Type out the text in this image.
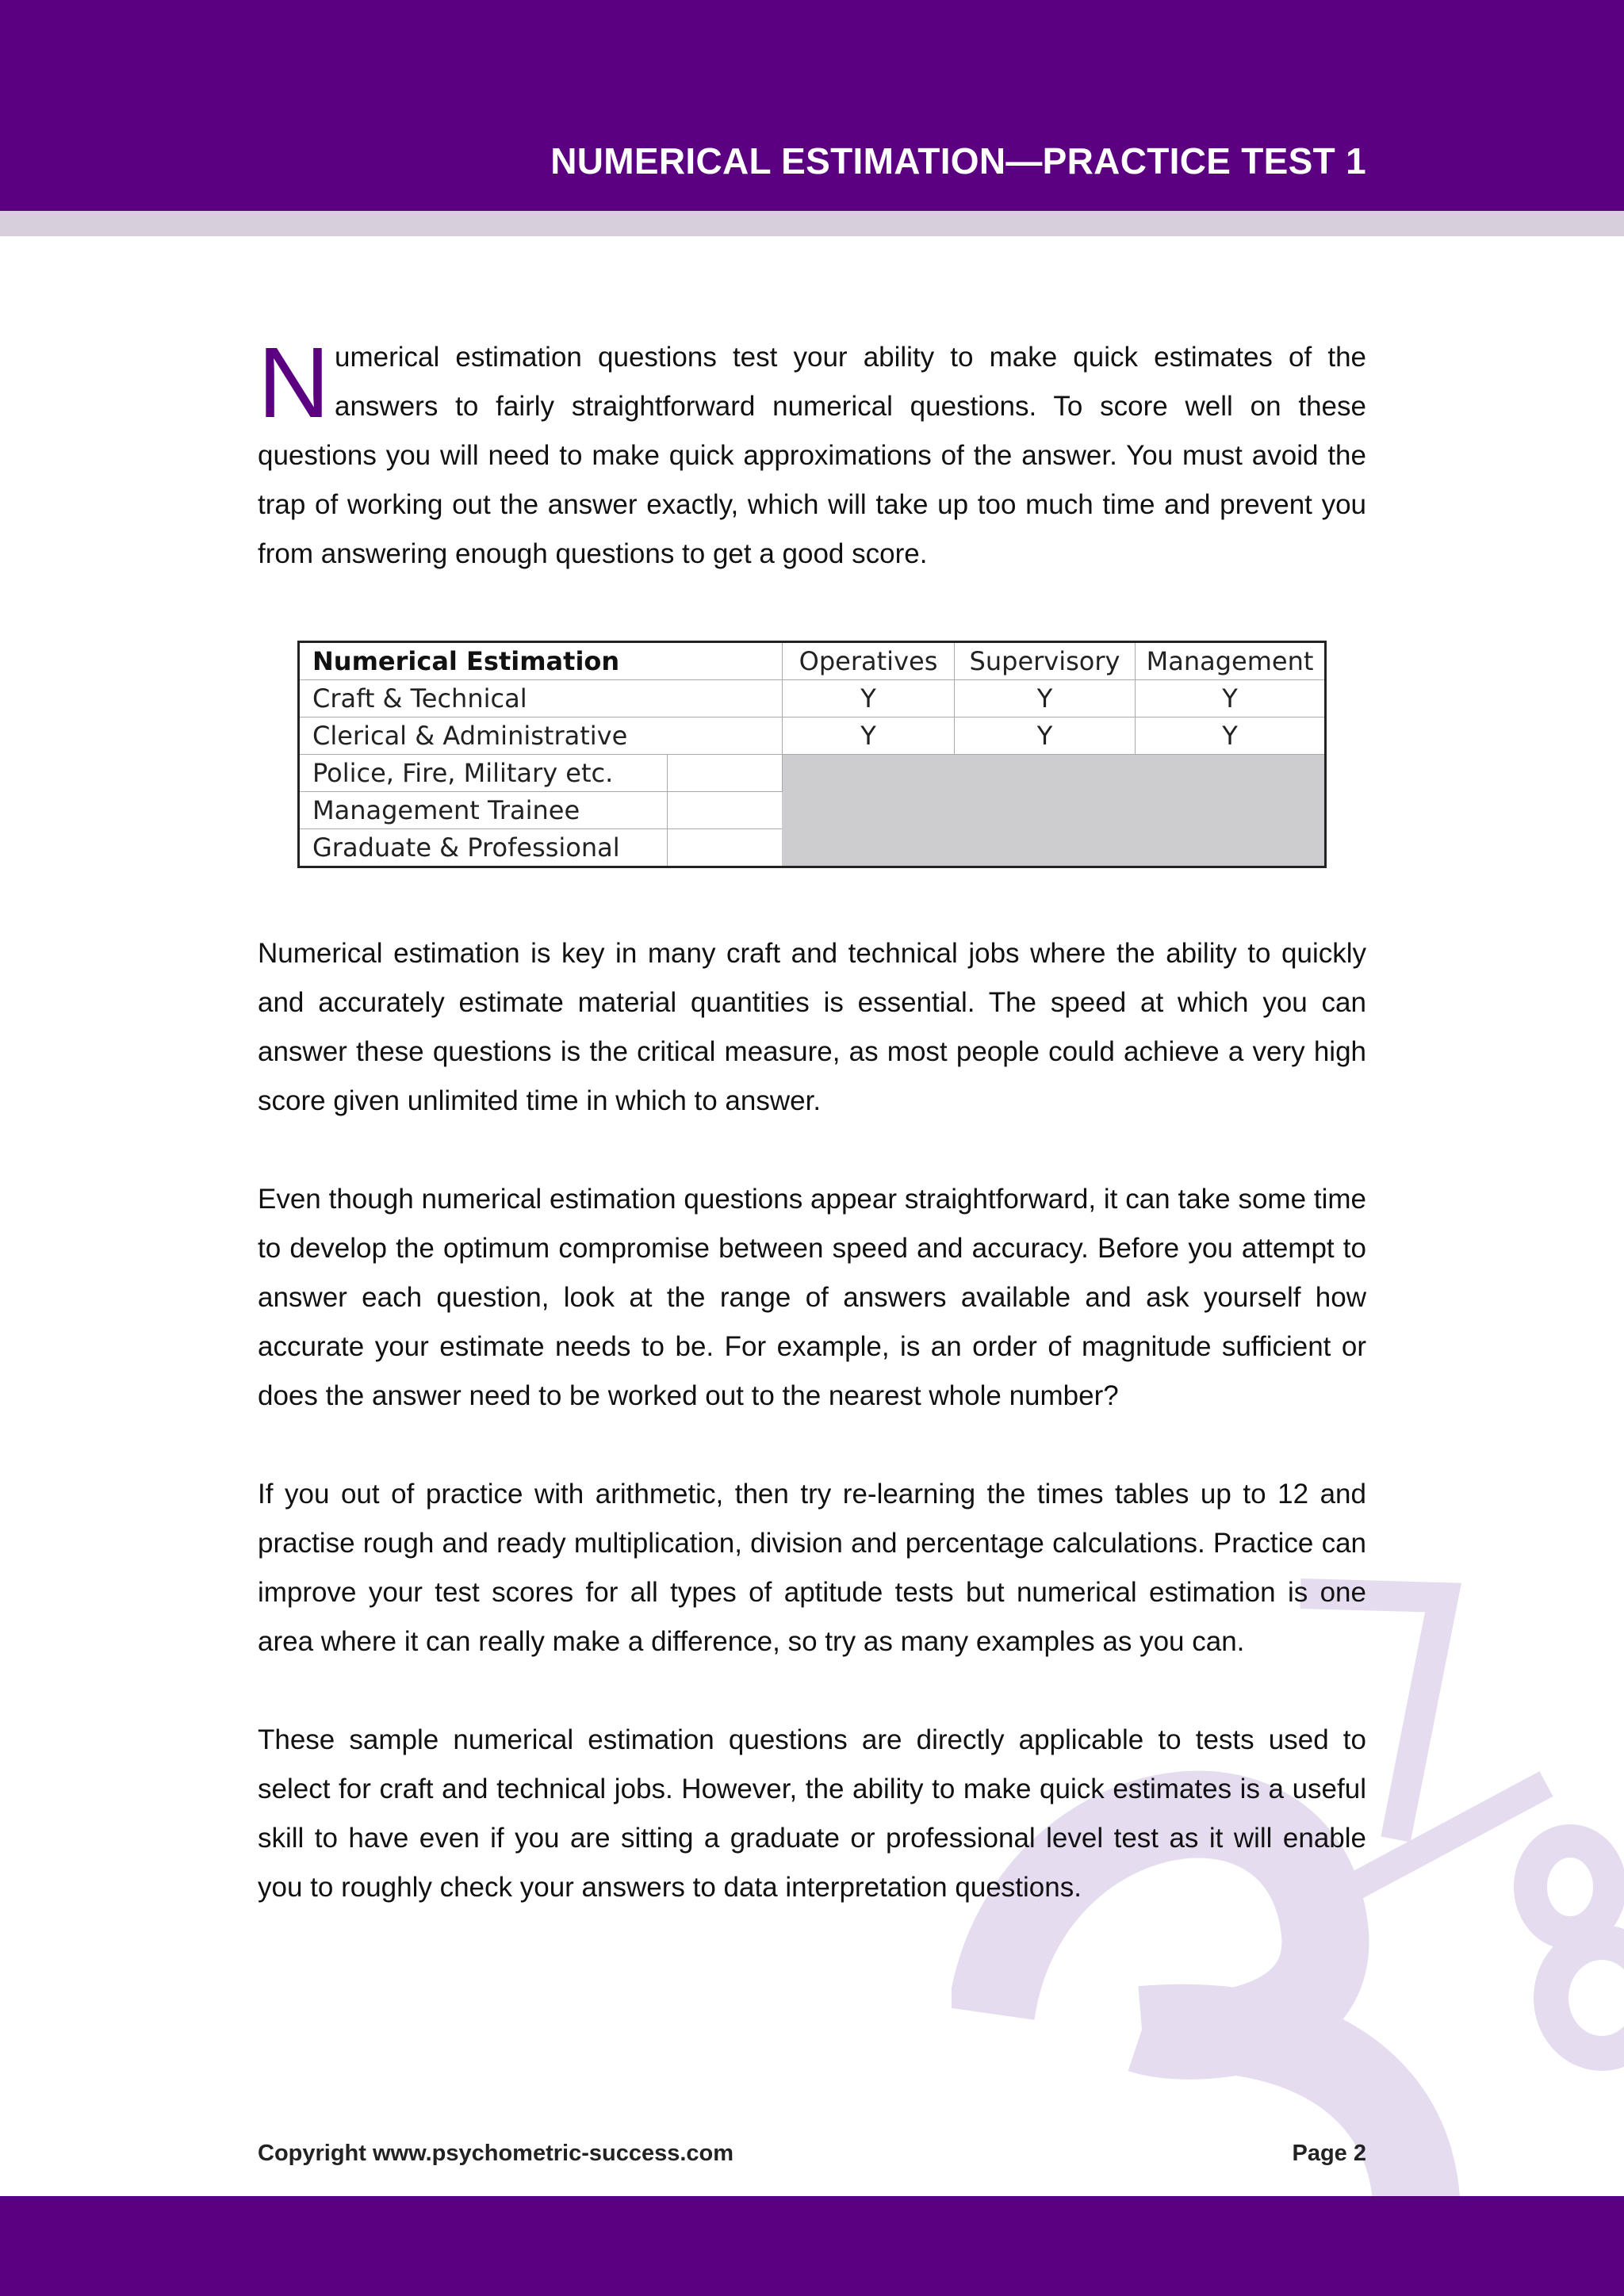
NUMERICAL ESTIMATION—PRACTICE TEST 1

Numerical estimation questions test your ability to make quick estimates of the answers to fairly straightforward numerical questions. To score well on these questions you will need to make quick approximations of the answer. You must avoid the trap of working out the answer exactly, which will take up too much time and prevent you from answering enough questions to get a good score.

Numerical Estimation		Operatives	Supervisory	Management
Craft & Technical		Y	Y	Y
Clerical & Administrative		Y	Y	Y
Police, Fire, Military etc.				
Management Trainee				
Graduate & Professional				

Numerical estimation is key in many craft and technical jobs where the ability to quickly and accurately estimate material quantities is essential. The speed at which you can answer these questions is the critical measure, as most people could achieve a very high score given unlimited time in which to answer.

Even though numerical estimation questions appear straightforward, it can take some time to develop the optimum compromise between speed and accuracy. Before you attempt to answer each question, look at the range of answers available and ask yourself how accurate your estimate needs to be. For example, is an order of magnitude sufficient or does the answer need to be worked out to the nearest whole number?

If you out of practice with arithmetic, then try re-learning the times tables up to 12 and practise rough and ready multiplication, division and percentage calculations. Practice can improve your test scores for all types of aptitude tests but numerical estimation is one area where it can really make a difference, so try as many examples as you can.

These sample numerical estimation questions are directly applicable to tests used to select for craft and technical jobs. However, the ability to make quick estimates is a useful skill to have even if you are sitting a graduate or professional level test as it will enable you to roughly check your answers to data interpretation questions.

Copyright www.psychometric-success.com	Page 2
